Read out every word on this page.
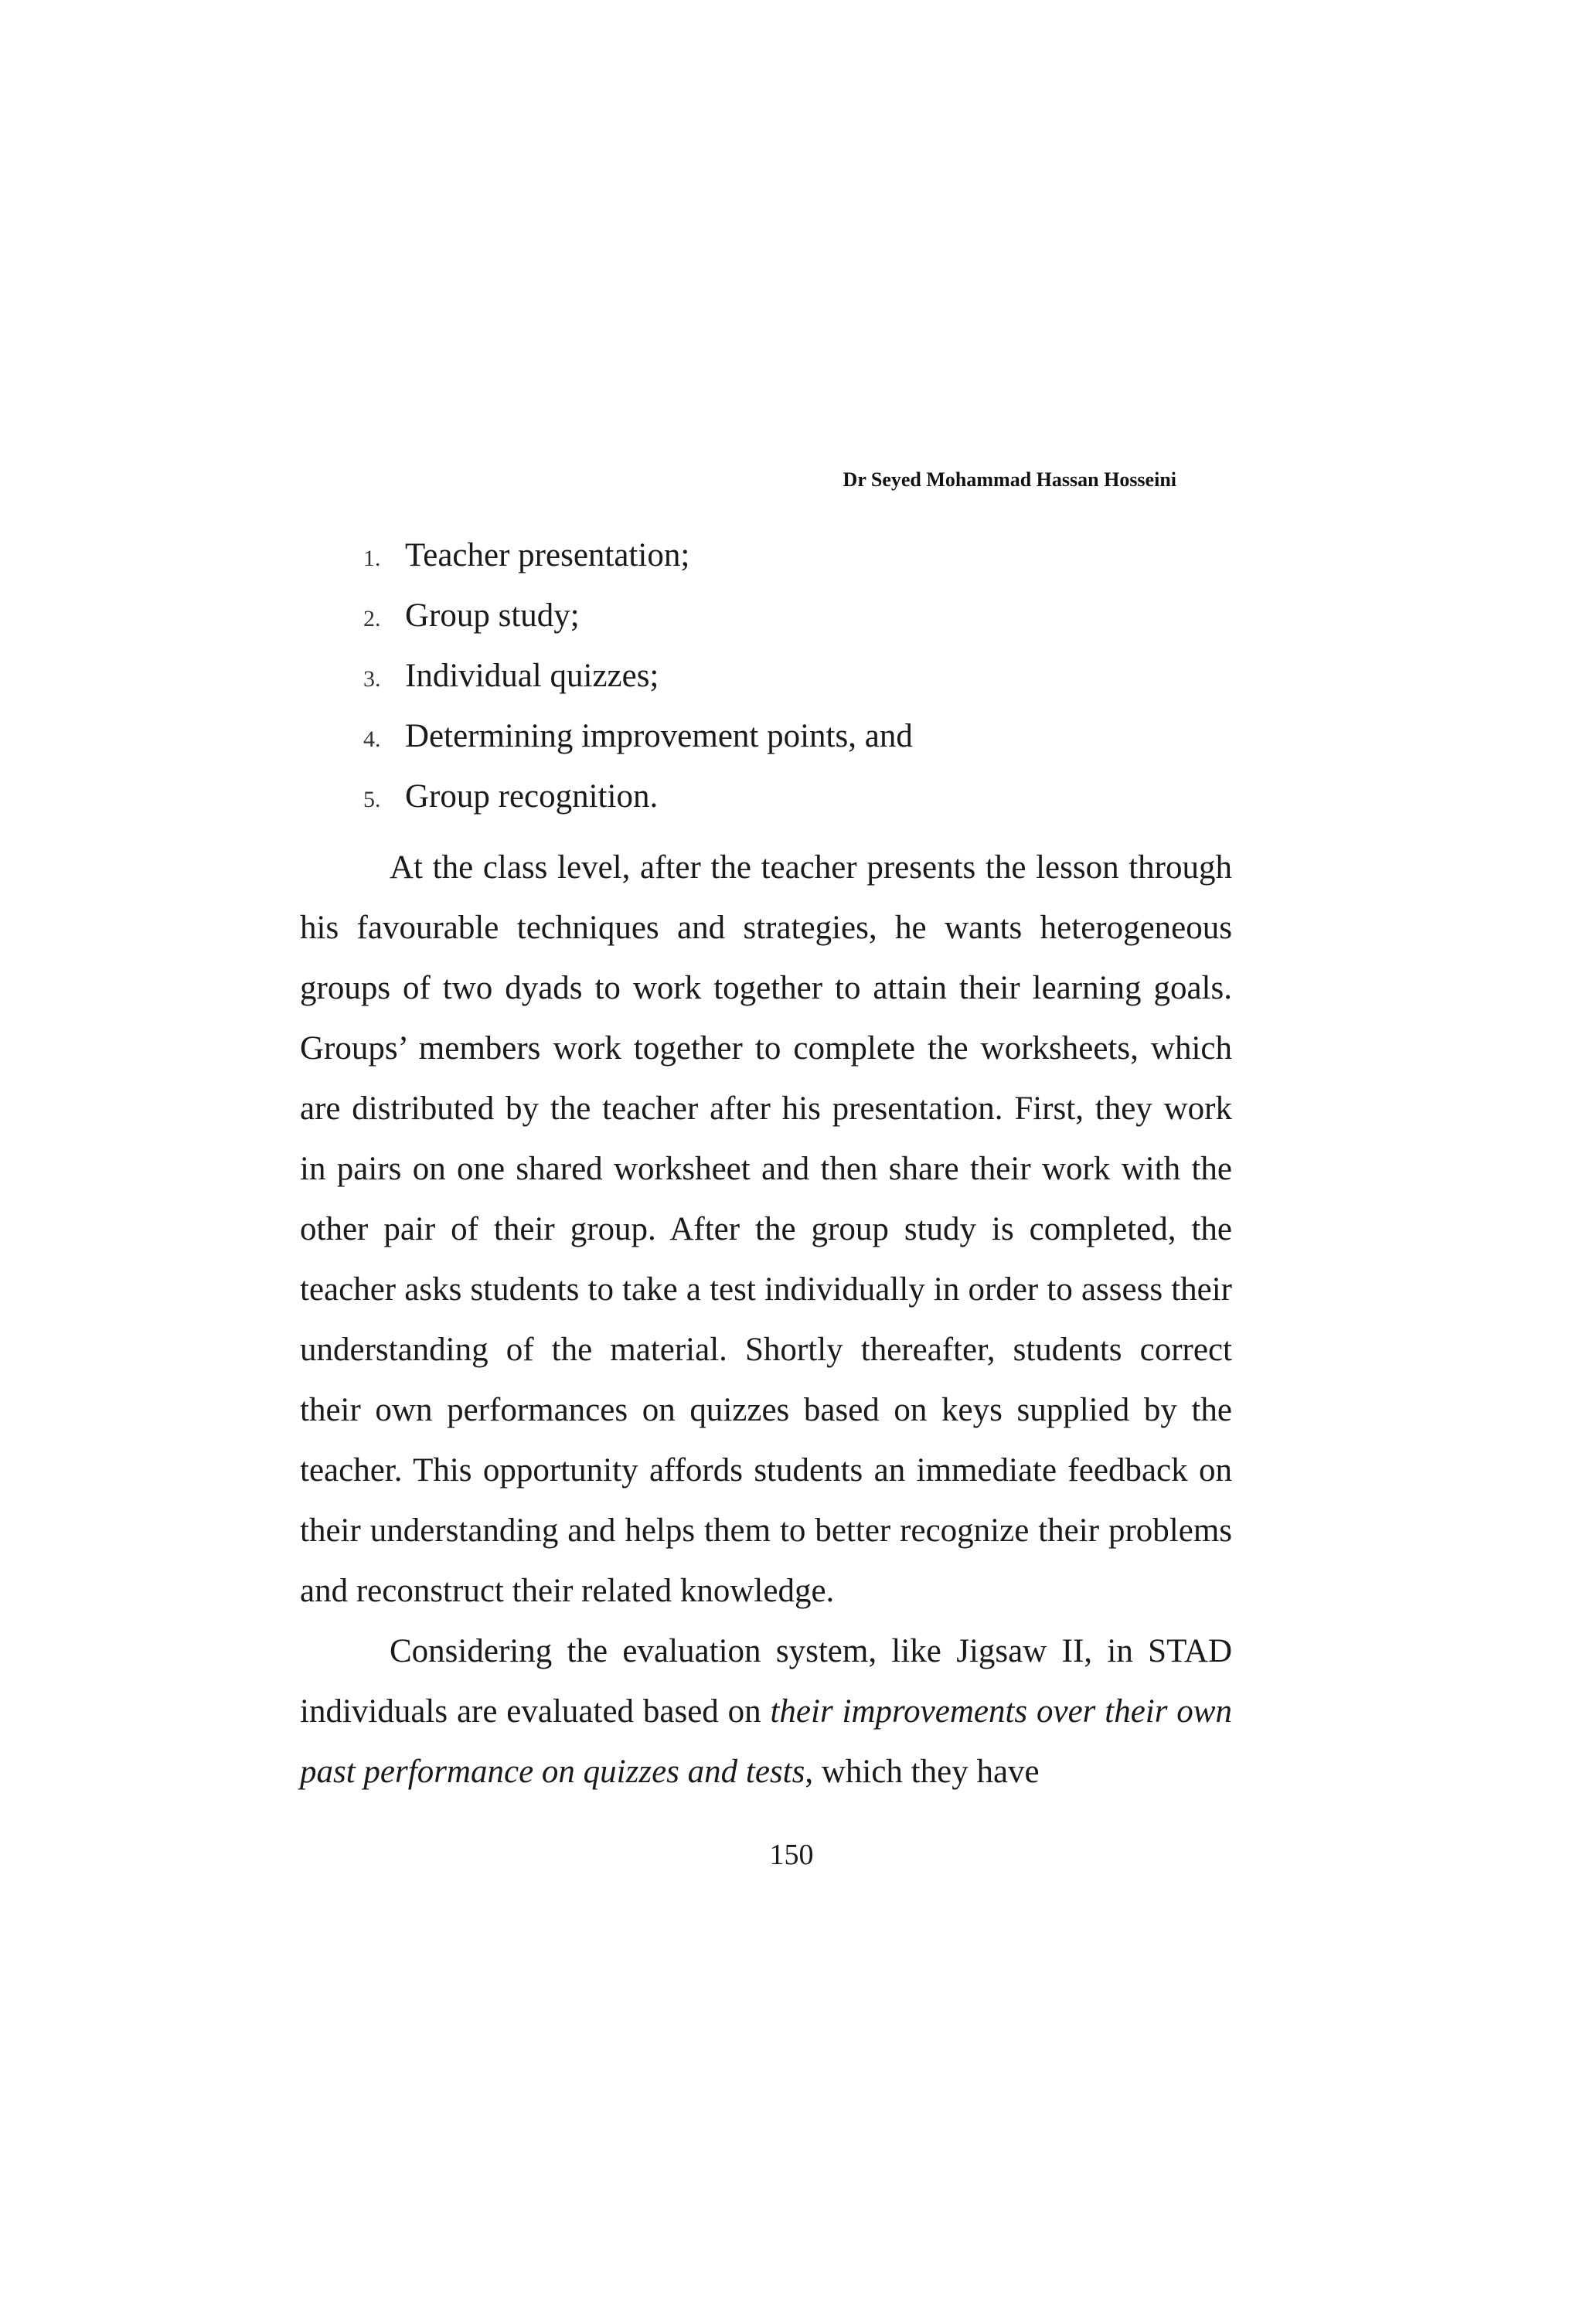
Dr Seyed Mohammad Hassan Hosseini
1. Teacher presentation;
2. Group study;
3. Individual quizzes;
4. Determining improvement points, and
5. Group recognition.

At the class level, after the teacher presents the lesson through his favourable techniques and strategies, he wants heterogeneous groups of two dyads to work together to attain their learning goals. Groups’ members work together to complete the worksheets, which are distributed by the teacher after his presentation. First, they work in pairs on one shared worksheet and then share their work with the other pair of their group. After the group study is completed, the teacher asks students to take a test individually in order to assess their understanding of the material. Shortly thereafter, students correct their own performances on quizzes based on keys supplied by the teacher. This opportunity affords students an immediate feedback on their understanding and helps them to better recognize their problems and reconstruct their related knowledge.

Considering the evaluation system, like Jigsaw II, in STAD individuals are evaluated based on their improvements over their own past performance on quizzes and tests, which they have

150
